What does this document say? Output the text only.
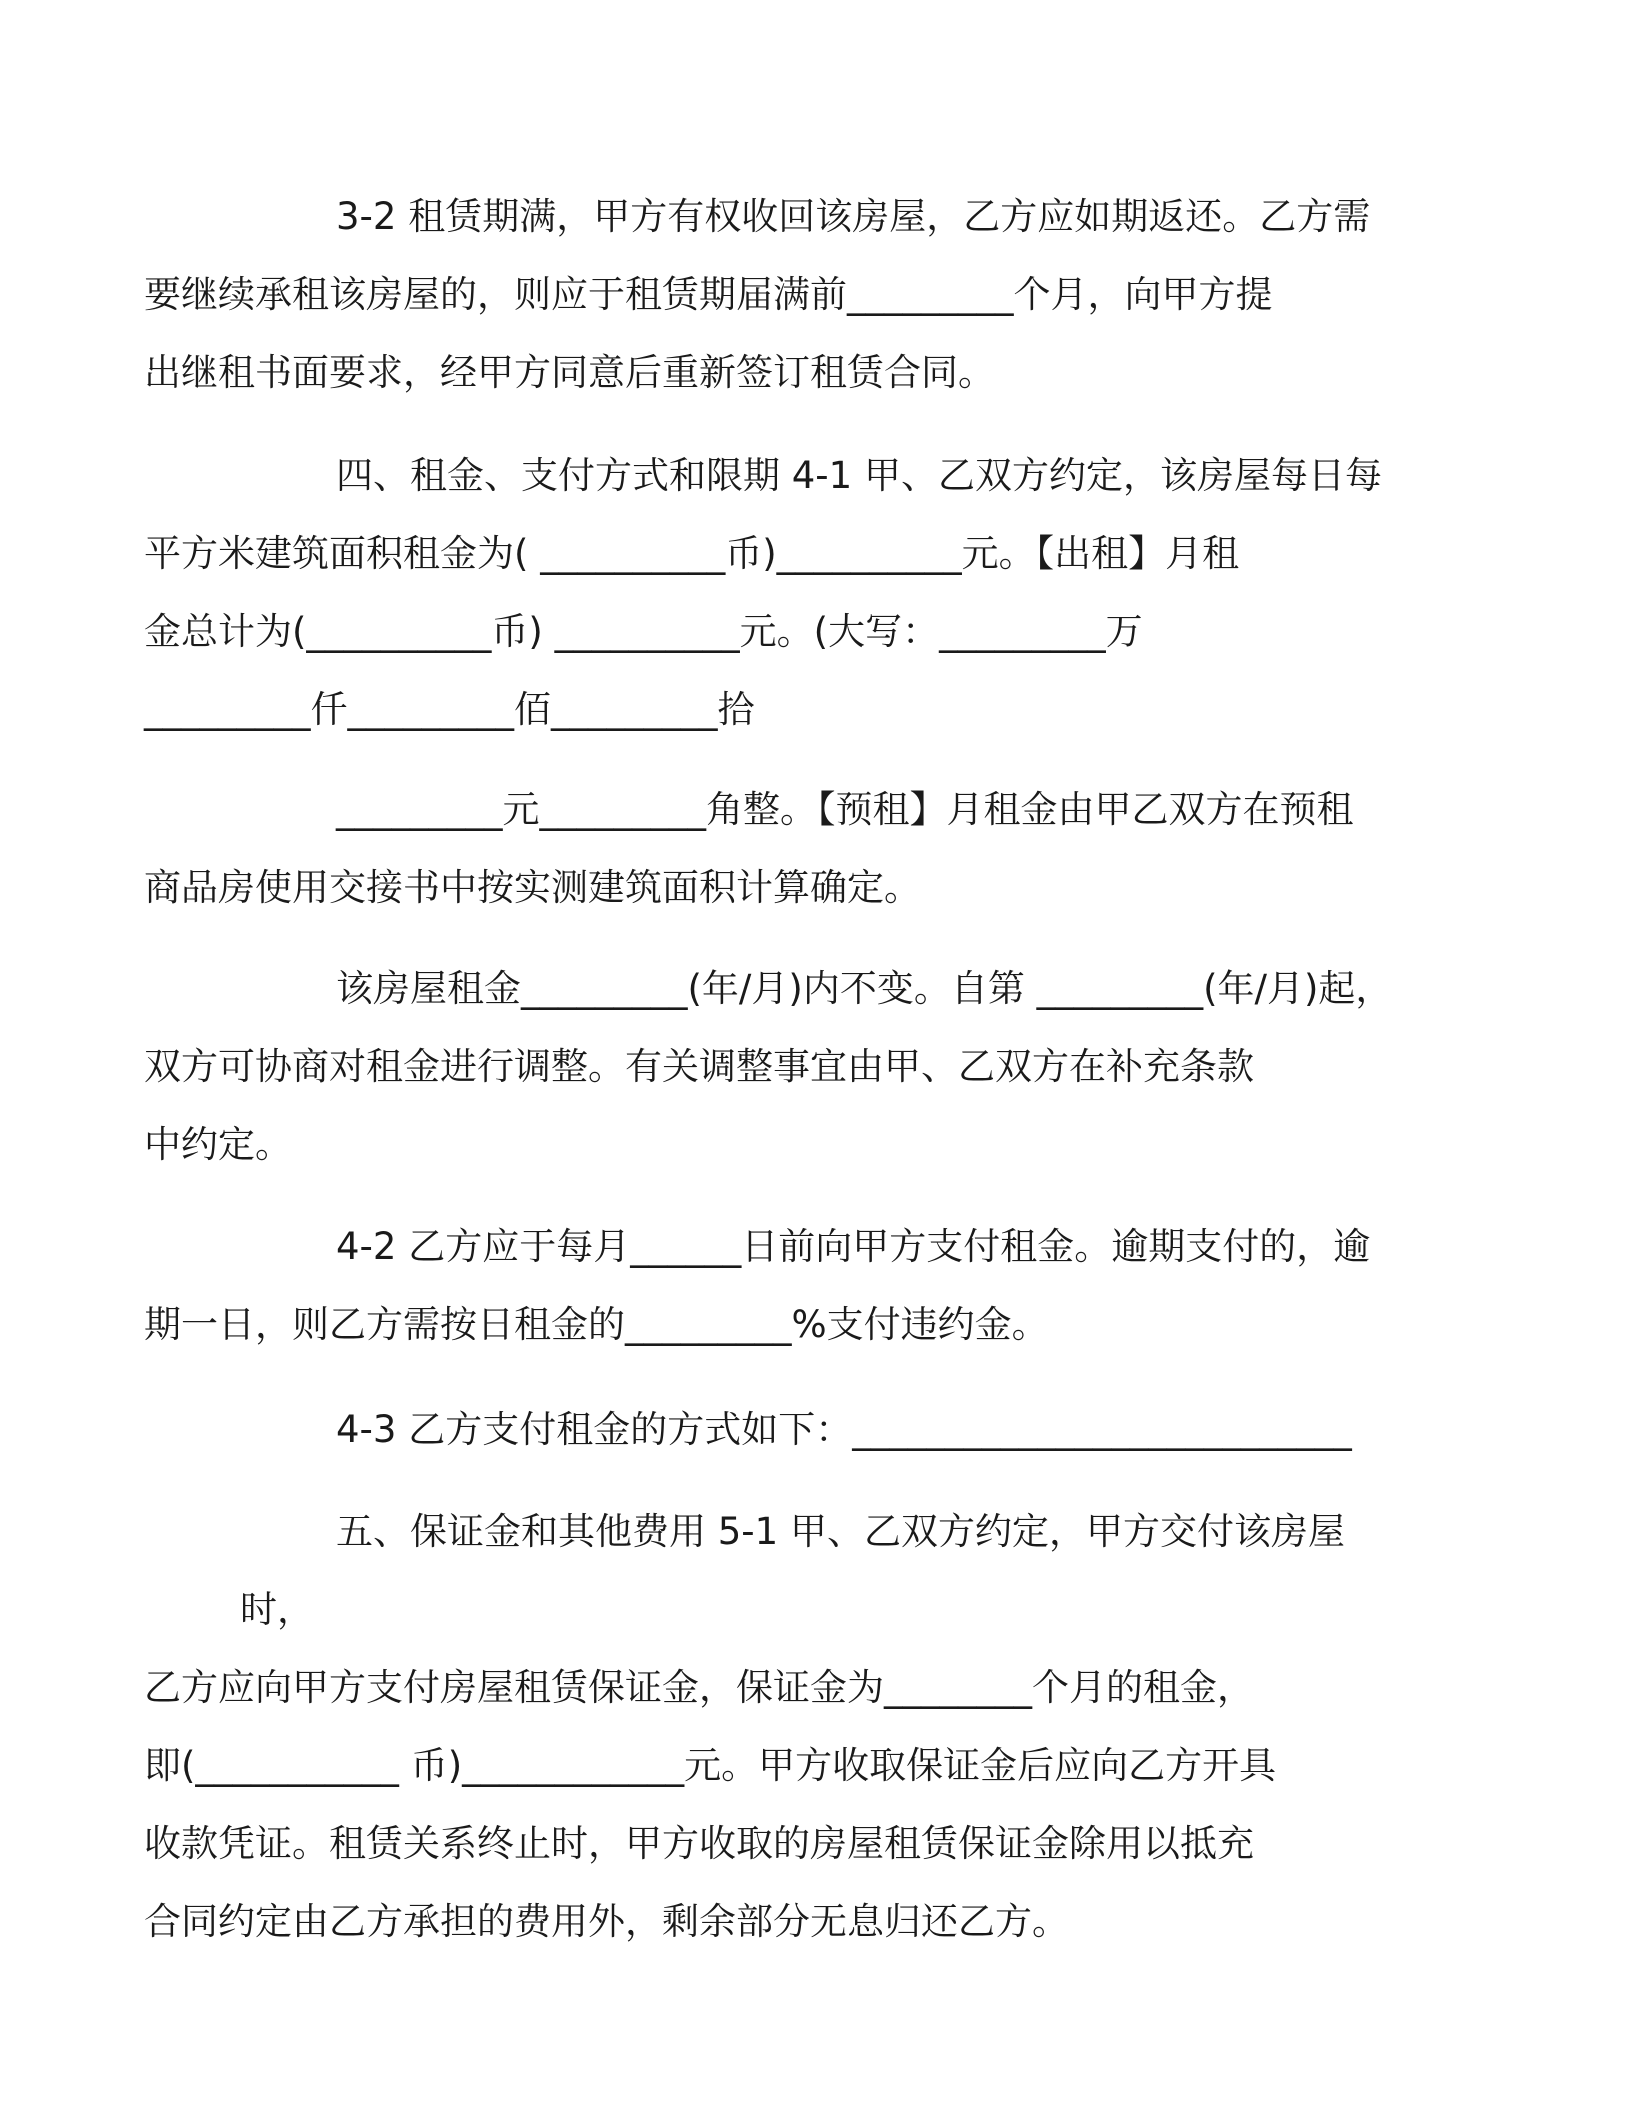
3-2 租赁期满，甲方有权收回该房屋，乙方应如期返还。乙方需
要继续承租该房屋的，则应于租赁期届满前_________个月，向甲方提
出继租书面要求，经甲方同意后重新签订租赁合同。

四、租金、支付方式和限期 4-1 甲、乙双方约定，该房屋每日每
平方米建筑面积租金为( __________币)__________元。【出租】月租
金总计为(__________币) __________元。(大写：_________万
_________仟_________佰_________拾

_________元_________角整。【预租】月租金由甲乙双方在预租
商品房使用交接书中按实测建筑面积计算确定。

该房屋租金_________(年/月)内不变。自第 _________(年/月)起，
双方可协商对租金进行调整。有关调整事宜由甲、乙双方在补充条款
中约定。

4-2 乙方应于每月______日前向甲方支付租金。逾期支付的，逾
期一日，则乙方需按日租金的_________%支付违约金。

4-3 乙方支付租金的方式如下：___________________________

五、保证金和其他费用 5-1 甲、乙双方约定，甲方交付该房屋时，
乙方应向甲方支付房屋租赁保证金，保证金为________个月的租金，
即(___________ 币)____________元。甲方收取保证金后应向乙方开具
收款凭证。租赁关系终止时，甲方收取的房屋租赁保证金除用以抵充
合同约定由乙方承担的费用外，剩余部分无息归还乙方。
